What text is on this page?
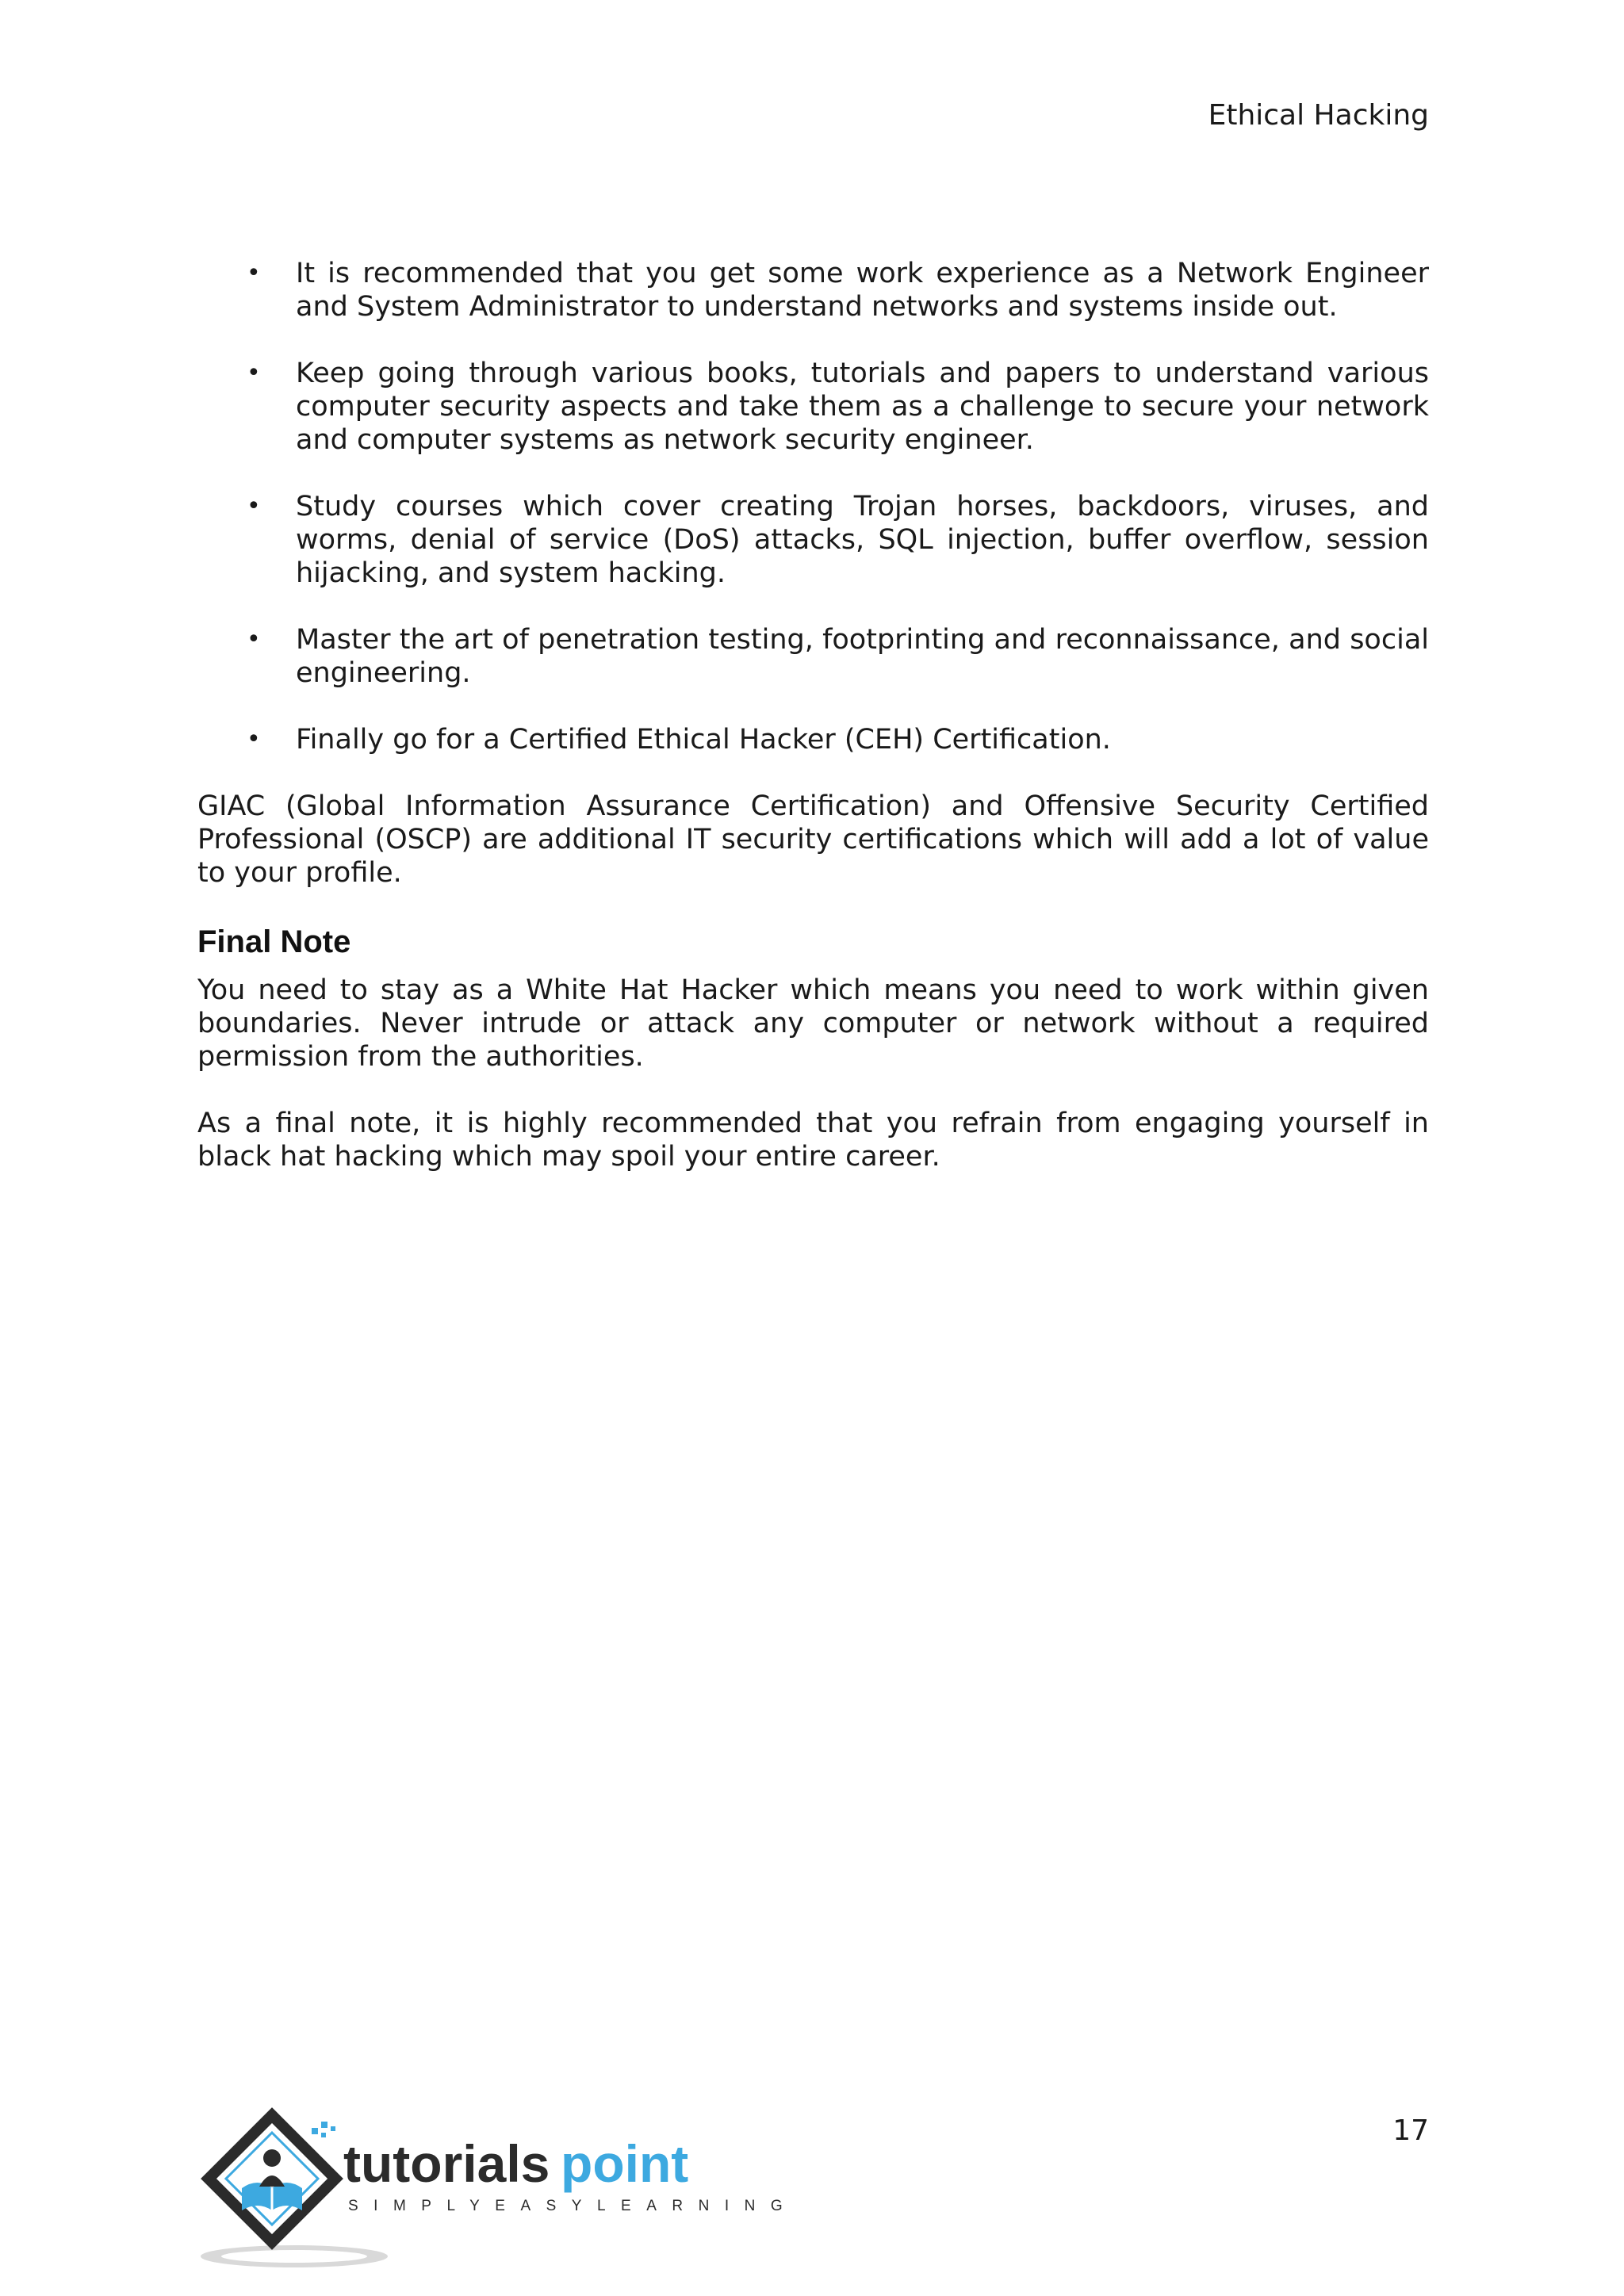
Ethical Hacking
• It is recommended that you get some work experience as a Network Engineer and System Administrator to understand networks and systems inside out.
• Keep going through various books, tutorials and papers to understand various computer security aspects and take them as a challenge to secure your network and computer systems as network security engineer.
• Study courses which cover creating Trojan horses, backdoors, viruses, and worms, denial of service (DoS) attacks, SQL injection, buffer overflow, session hijacking, and system hacking.
• Master the art of penetration testing, footprinting and reconnaissance, and social engineering.
• Finally go for a Certified Ethical Hacker (CEH) Certification.

GIAC (Global Information Assurance Certification) and Offensive Security Certified Professional (OSCP) are additional IT security certifications which will add a lot of value to your profile.

Final Note

You need to stay as a White Hat Hacker which means you need to work within given boundaries. Never intrude or attack any computer or network without a required permission from the authorities.

As a final note, it is highly recommended that you refrain from engaging yourself in black hat hacking which may spoil your entire career.

17
tutorials point
SIMPLYEASYLEARNING
